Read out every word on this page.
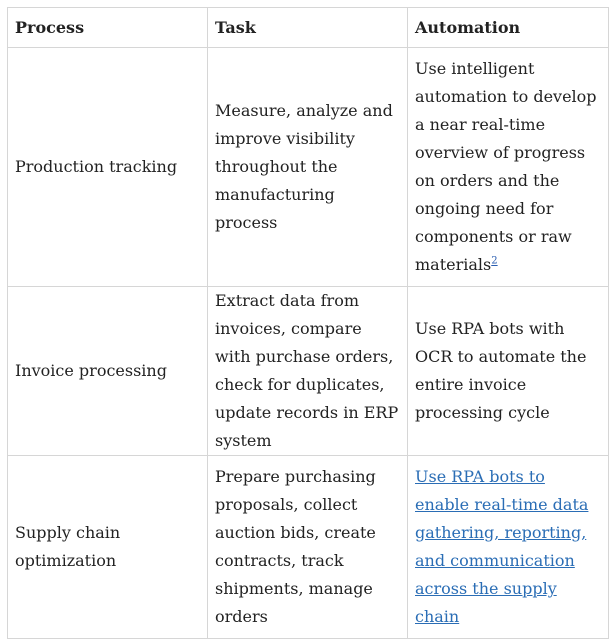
Process	Task	Automation

Production tracking	Measure, analyze and improve visibility throughout the manufacturing process	Use intelligent automation to develop a near real-time overview of progress on orders and the ongoing need for components or raw materials$^2$

Invoice processing	Extract data from invoices, compare with purchase orders, check for duplicates, update records in ERP system	Use RPA bots with OCR to automate the entire invoice processing cycle

Supply chain optimization	Prepare purchasing proposals, collect auction bids, create contracts, track shipments, manage orders	Use RPA bots to enable real-time data gathering, reporting, and communication across the supply chain
